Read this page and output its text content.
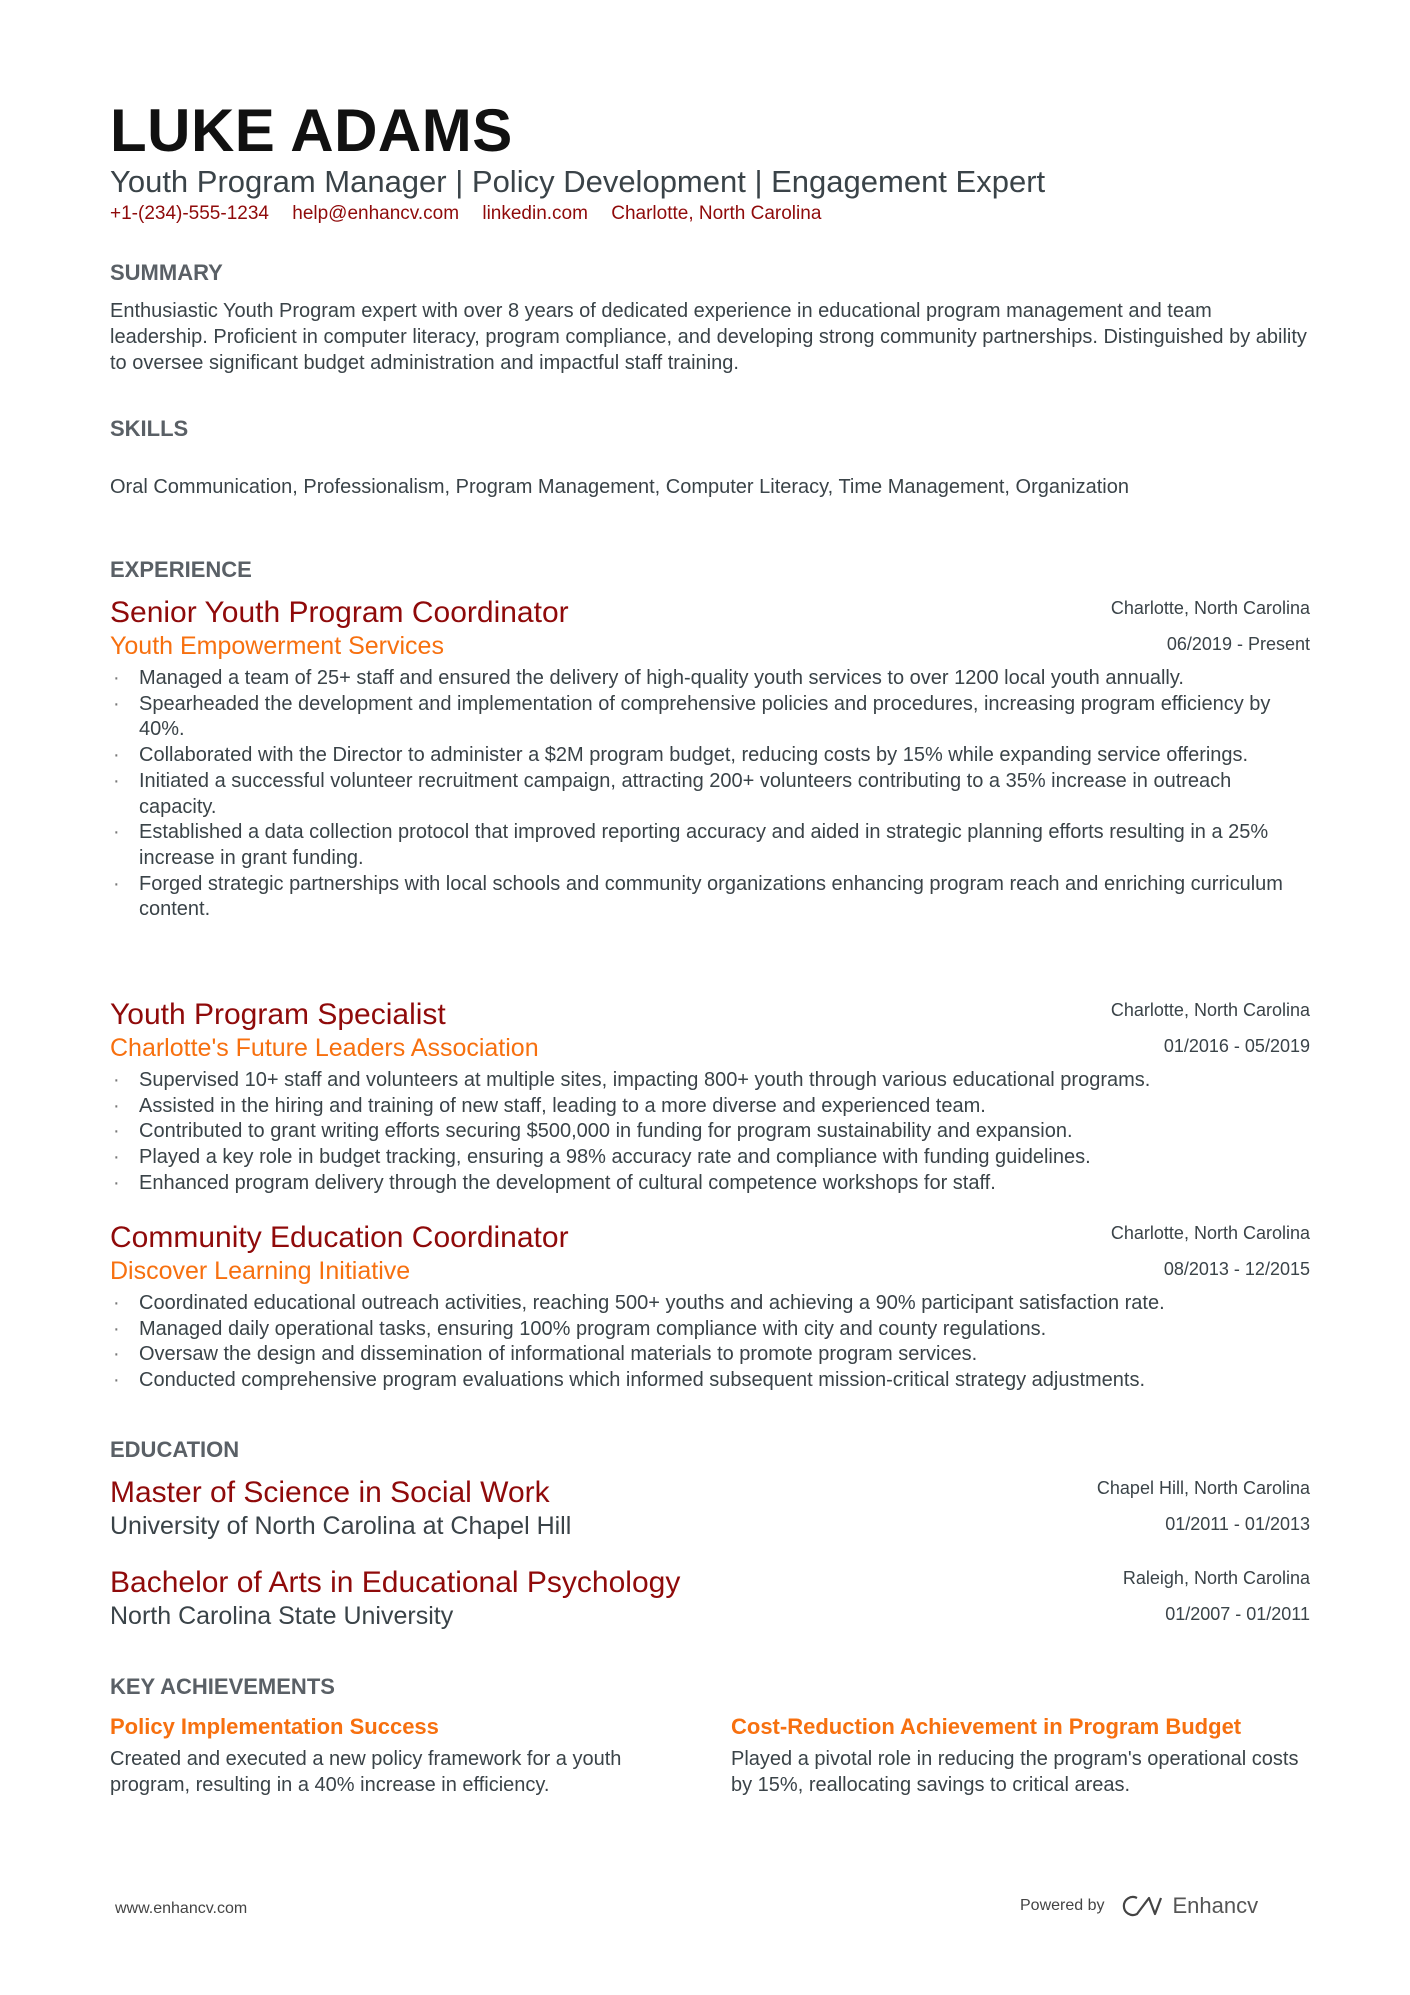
LUKE ADAMS
Youth Program Manager | Policy Development | Engagement Expert
+1-(234)-555-1234 help@enhancv.com linkedin.com Charlotte, North Carolina
SUMMARY
Enthusiastic Youth Program expert with over 8 years of dedicated experience in educational program management and team leadership. Proficient in computer literacy, program compliance, and developing strong community partnerships. Distinguished by ability to oversee significant budget administration and impactful staff training.
SKILLS
Oral Communication, Professionalism, Program Management, Computer Literacy, Time Management, Organization
EXPERIENCE
Senior Youth Program Coordinator
Youth Empowerment Services
Charlotte, North Carolina
06/2019 - Present
· Managed a team of 25+ staff and ensured the delivery of high-quality youth services to over 1200 local youth annually.
· Spearheaded the development and implementation of comprehensive policies and procedures, increasing program efficiency by 40%.
· Collaborated with the Director to administer a $2M program budget, reducing costs by 15% while expanding service offerings.
· Initiated a successful volunteer recruitment campaign, attracting 200+ volunteers contributing to a 35% increase in outreach capacity.
· Established a data collection protocol that improved reporting accuracy and aided in strategic planning efforts resulting in a 25% increase in grant funding.
· Forged strategic partnerships with local schools and community organizations enhancing program reach and enriching curriculum content.
Youth Program Specialist
Charlotte's Future Leaders Association
Charlotte, North Carolina
01/2016 - 05/2019
· Supervised 10+ staff and volunteers at multiple sites, impacting 800+ youth through various educational programs.
· Assisted in the hiring and training of new staff, leading to a more diverse and experienced team.
· Contributed to grant writing efforts securing $500,000 in funding for program sustainability and expansion.
· Played a key role in budget tracking, ensuring a 98% accuracy rate and compliance with funding guidelines.
· Enhanced program delivery through the development of cultural competence workshops for staff.
Community Education Coordinator
Discover Learning Initiative
Charlotte, North Carolina
08/2013 - 12/2015
· Coordinated educational outreach activities, reaching 500+ youths and achieving a 90% participant satisfaction rate.
· Managed daily operational tasks, ensuring 100% program compliance with city and county regulations.
· Oversaw the design and dissemination of informational materials to promote program services.
· Conducted comprehensive program evaluations which informed subsequent mission-critical strategy adjustments.
EDUCATION
Master of Science in Social Work
University of North Carolina at Chapel Hill
Chapel Hill, North Carolina
01/2011 - 01/2013
Bachelor of Arts in Educational Psychology
North Carolina State University
Raleigh, North Carolina
01/2007 - 01/2011
KEY ACHIEVEMENTS
Policy Implementation Success
Created and executed a new policy framework for a youth program, resulting in a 40% increase in efficiency.
Cost-Reduction Achievement in Program Budget
Played a pivotal role in reducing the program's operational costs by 15%, reallocating savings to critical areas.
www.enhancv.com	Powered by	Enhancv
